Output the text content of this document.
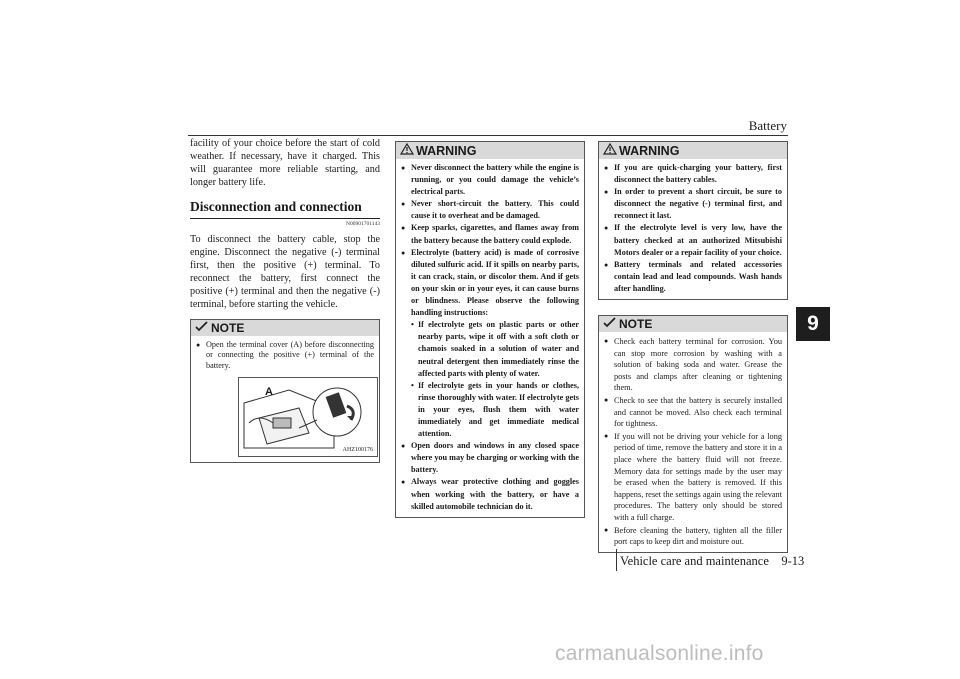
Battery
9

facility of your choice before the start of cold weather. If necessary, have it charged. This will guarantee more reliable starting, and longer battery life.

Disconnection and connection
N00901701143

To disconnect the battery cable, stop the engine. Disconnect the negative (-) terminal first, then the positive (+) terminal. To reconnect the battery, first connect the positive (+) terminal and then the negative (-) terminal, before starting the vehicle.

NOTE

● Open the terminal cover (A) before disconnecting or connecting the positive (+) terminal of the battery.

A
AHZ100176
WARNING

● Never disconnect the battery while the engine is running, or you could damage the vehicle’s electrical parts.

● Never short-circuit the battery. This could cause it to overheat and be damaged.

● Keep sparks, cigarettes, and flames away from the battery because the battery could explode.

● Electrolyte (battery acid) is made of corrosive diluted sulfuric acid. If it spills on nearby parts, it can crack, stain, or discolor them. And if gets on your skin or in your eyes, it can cause burns or blindness. Please observe the following handling instructions:

• If electrolyte gets on plastic parts or other nearby parts, wipe it off with a soft cloth or chamois soaked in a solution of water and neutral detergent then immediately rinse the affected parts with plenty of water.

• If electrolyte gets in your hands or clothes, rinse thoroughly with water. If electrolyte gets in your eyes, flush them with water immediately and get immediate medical attention.

● Open doors and windows in any closed space where you may be charging or working with the battery.

● Always wear protective clothing and goggles when working with the battery, or have a skilled automobile technician do it.

WARNING

● If you are quick-charging your battery, first disconnect the battery cables.

● In order to prevent a short circuit, be sure to disconnect the negative (-) terminal first, and reconnect it last.

● If the electrolyte level is very low, have the battery checked at an authorized Mitsubishi Motors dealer or a repair facility of your choice.

● Battery terminals and related accessories contain lead and lead compounds. Wash hands after handling.

NOTE

● Check each battery terminal for corrosion. You can stop more corrosion by washing with a solution of baking soda and water. Grease the posts and clamps after cleaning or tightening them.

● Check to see that the battery is securely installed and cannot be moved. Also check each terminal for tightness.

● If you will not be driving your vehicle for a long period of time, remove the battery and store it in a place where the battery fluid will not freeze. Memory data for settings made by the user may be erased when the battery is removed. If this happens, reset the settings again using the relevant procedures. The battery only should be stored with a full charge.

● Before cleaning the battery, tighten all the filler port caps to keep dirt and moisture out.

Vehicle care and maintenance    9-13
carmanualsonline.info
